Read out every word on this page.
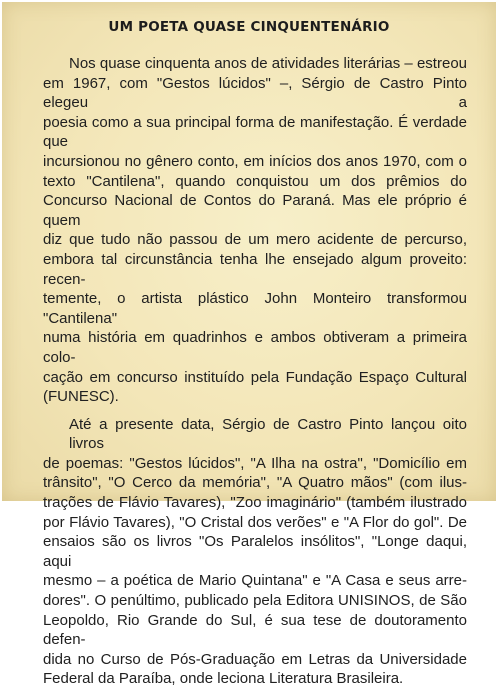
UM POETA QUASE CINQUENTENÁRIO

Nos quase cinquenta anos de atividades literárias – estreou
em 1967, com "Gestos lúcidos" –, Sérgio de Castro Pinto elegeu a
poesia como a sua principal forma de manifestação. É verdade que
incursionou no gênero conto, em inícios dos anos 1970, com o
texto "Cantilena", quando conquistou um dos prêmios do
Concurso Nacional de Contos do Paraná. Mas ele próprio é quem
diz que tudo não passou de um mero acidente de percurso,
embora tal circunstância tenha lhe ensejado algum proveito: recen-
temente, o artista plástico John Monteiro transformou "Cantilena"
numa história em quadrinhos e ambos obtiveram a primeira colo-
cação em concurso instituído pela Fundação Espaço Cultural
(FUNESC).

Até a presente data, Sérgio de Castro Pinto lançou oito livros
de poemas: "Gestos lúcidos", "A Ilha na ostra", "Domicílio em
trânsito", "O Cerco da memória", "A Quatro mãos" (com ilus-
trações de Flávio Tavares), "Zoo imaginário" (também ilustrado
por Flávio Tavares), "O Cristal dos verões" e "A Flor do gol". De
ensaios são os livros "Os Paralelos insólitos", "Longe daqui, aqui
mesmo – a poética de Mario Quintana" e "A Casa e seus arre-
dores". O penúltimo, publicado pela Editora UNISINOS, de São
Leopoldo, Rio Grande do Sul, é sua tese de doutoramento defen-
dida no Curso de Pós-Graduação em Letras da Universidade
Federal da Paraíba, onde leciona Literatura Brasileira.
